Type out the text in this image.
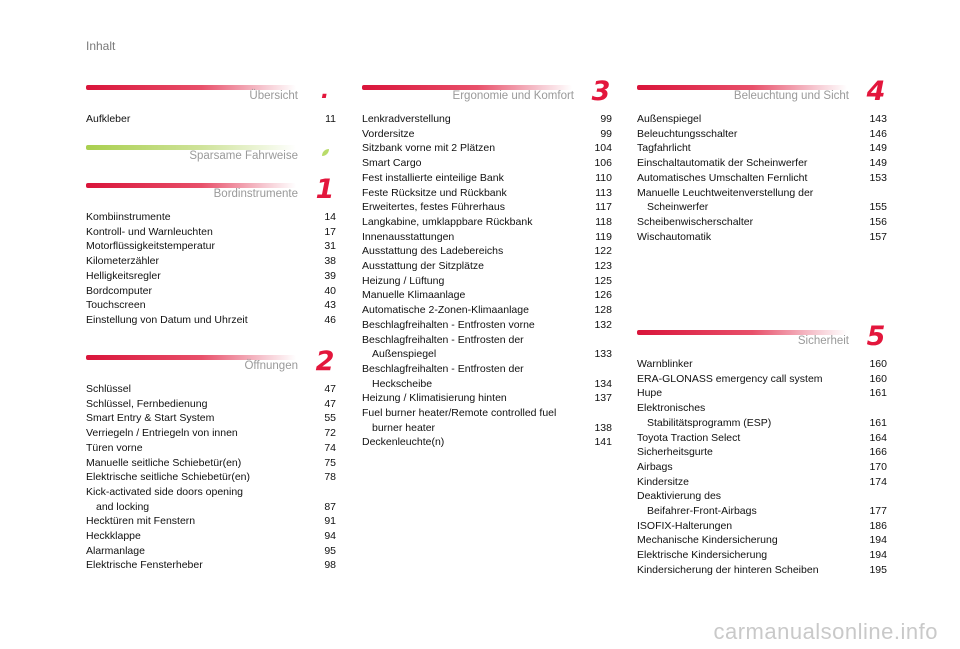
Inhalt
Übersicht	.
Aufkleber	11
Sparsame Fahrweise
Bordinstrumente 1
Kombiinstrumente	14
Kontroll- und Warnleuchten	17
Motorflüssigkeitstemperatur	31
Kilometerzähler	38
Helligkeitsregler	39
Bordcomputer	40
Touchscreen	43
Einstellung von Datum und Uhrzeit	46
Öffnungen 2
Schlüssel	47
Schlüssel, Fernbedienung	47
Smart Entry & Start System	55
Verriegeln / Entriegeln von innen	72
Türen vorne	74
Manuelle seitliche Schiebetür(en)	75
Elektrische seitliche Schiebetür(en)	78
Kick-activated side doors opening
and locking	87
Hecktüren mit Fenstern	91
Heckklappe	94
Alarmanlage	95
Elektrische Fensterheber	98
Ergonomie und Komfort 3
Lenkradverstellung	99
Vordersitze	99
Sitzbank vorne mit 2 Plätzen	104
Smart Cargo	106
Fest installierte einteilige Bank	110
Feste Rücksitze und Rückbank	113
Erweitertes, festes Führerhaus	117
Langkabine, umklappbare Rückbank	118
Innenausstattungen	119
Ausstattung des Ladebereichs	122
Ausstattung der Sitzplätze	123
Heizung / Lüftung	125
Manuelle Klimaanlage	126
Automatische 2-Zonen-Klimaanlage	128
Beschlagfreihalten - Entfrosten vorne	132
Beschlagfreihalten - Entfrosten der
Außenspiegel	133
Beschlagfreihalten - Entfrosten der
Heckscheibe	134
Heizung / Klimatisierung hinten	137
Fuel burner heater/Remote controlled fuel
burner heater	138
Deckenleuchte(n)	141
Beleuchtung und Sicht 4
Außenspiegel	143
Beleuchtungsschalter	146
Tagfahrlicht	149
Einschaltautomatik der Scheinwerfer	149
Automatisches Umschalten Fernlicht	153
Manuelle Leuchtweitenverstellung der
Scheinwerfer	155
Scheibenwischerschalter	156
Wischautomatik	157
Sicherheit 5
Warnblinker	160
ERA-GLONASS emergency call system	160
Hupe	161
Elektronisches
Stabilitätsprogramm (ESP)	161
Toyota Traction Select	164
Sicherheitsgurte	166
Airbags	170
Kindersitze	174
Deaktivierung des
Beifahrer-Front-Airbags	177
ISOFIX-Halterungen	186
Mechanische Kindersicherung	194
Elektrische Kindersicherung	194
Kindersicherung der hinteren Scheiben	195
carmanualsonline.info
